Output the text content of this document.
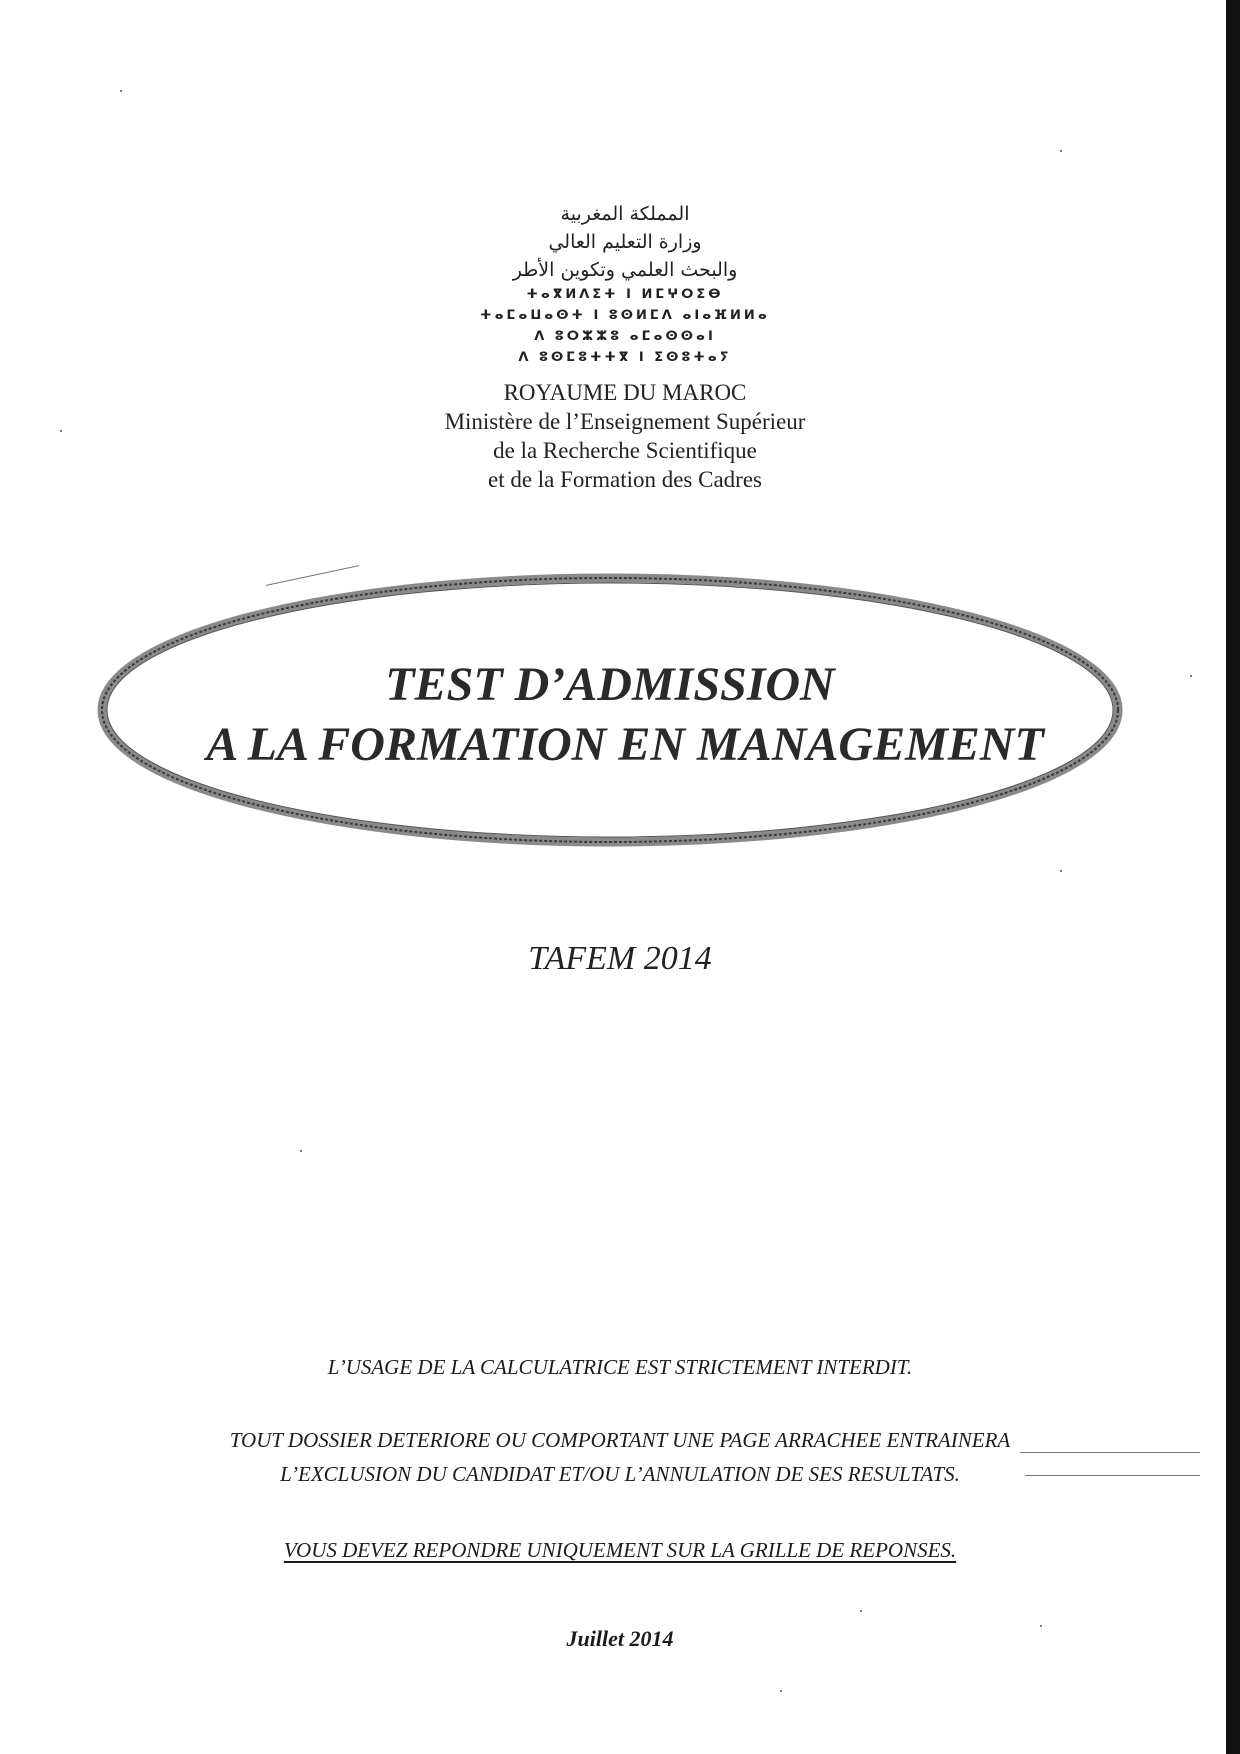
المملكة المغربية
وزارة التعليم العالي
والبحث العلمي وتكوين الأطر
ⵜⴰⴳⵍⴷⵉⵜ ⵏ ⵍⵎⵖⵔⵉⴱ
ⵜⴰⵎⴰⵡⴰⵙⵜ ⵏ ⵓⵙⵍⵎⴷ ⴰⵏⴰⴼⵍⵍⴰ
ⴷ ⵓⵔⵣⵣⵓ ⴰⵎⴰⵙⵙⴰⵏ
ⴷ ⵓⵙⵎⵓⵜⵜⴳ ⵏ ⵉⵙⵓⵜⴰⵢ
ROYAUME DU MAROC
Ministère de l’Enseignement Supérieur
de la Recherche Scientifique
et de la Formation des Cadres
TEST D’ADMISSION
A LA FORMATION EN MANAGEMENT
TAFEM 2014
L’USAGE DE LA CALCULATRICE EST STRICTEMENT INTERDIT.
TOUT DOSSIER DETERIORE OU COMPORTANT UNE PAGE ARRACHEE ENTRAINERA
L’EXCLUSION DU CANDIDAT ET/OU L’ANNULATION DE SES RESULTATS.
VOUS DEVEZ REPONDRE UNIQUEMENT SUR LA GRILLE DE REPONSES.
Juillet 2014
